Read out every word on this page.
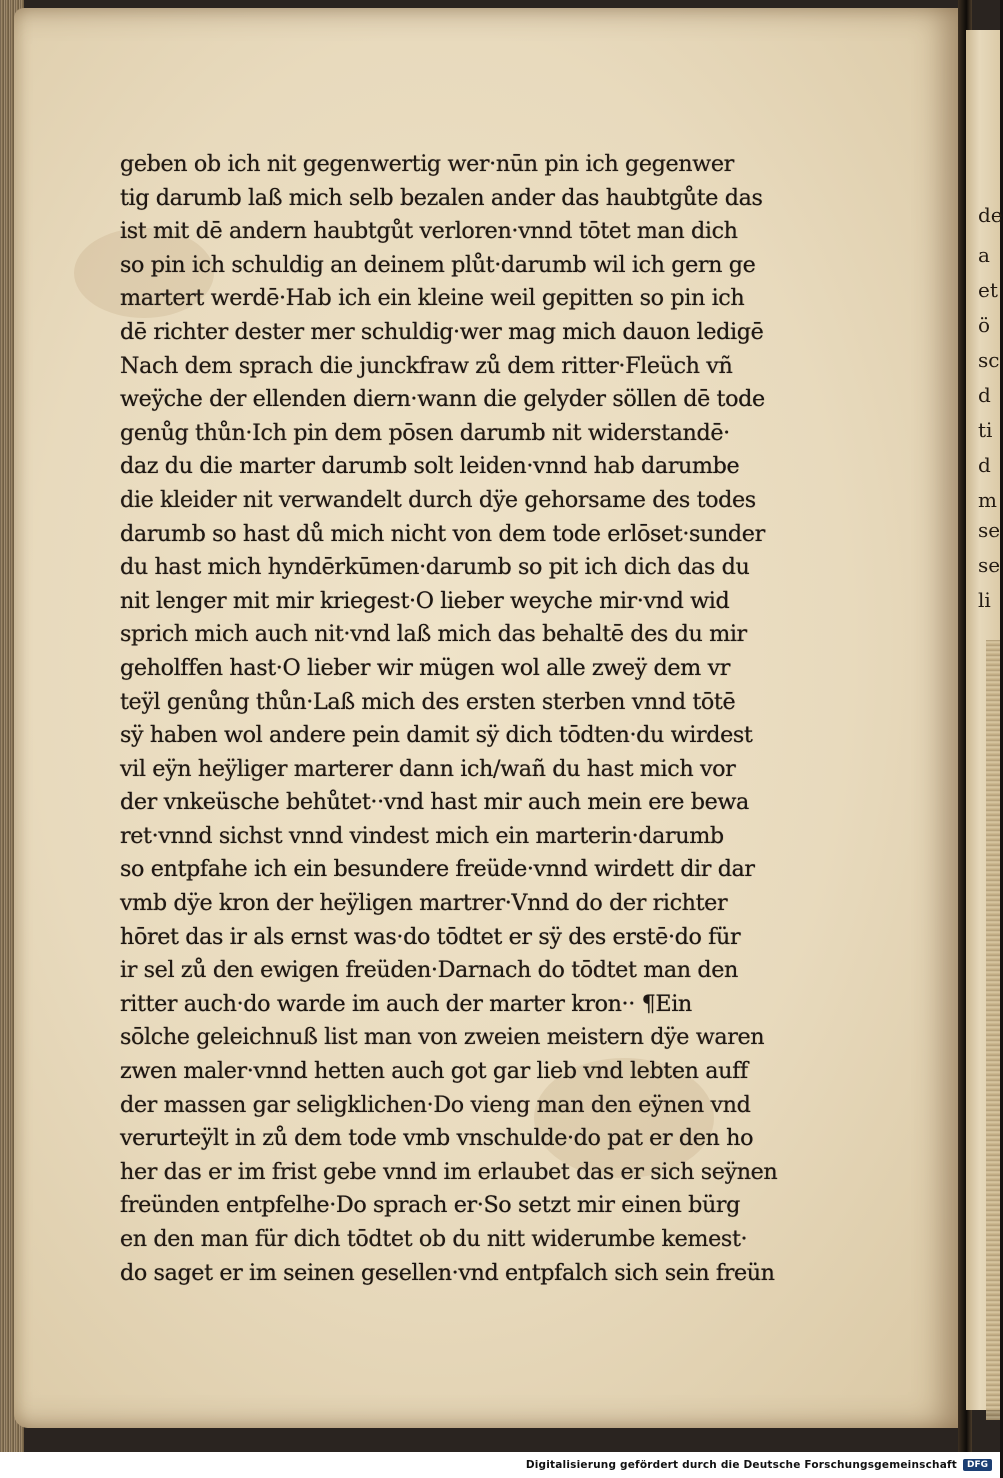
de
a
et
ö
sc
d
ti
d
m
se
se
li
geben ob ich nit gegenwertig wer·nūn pin ich gegenwer
tig darumb laß mich selb bezalen ander das haubtgůte das
ist mit dē andern haubtgůt verloren·vnnd tōtet man dich
so pin ich schuldig an deinem plůt·darumb wil ich gern ge
martert werdē·Hab ich ein kleine weil gepitten so pin ich
dē richter dester mer schuldig·wer mag mich dauon ledigē
Nach dem sprach die junckfraw zů dem ritter·Fleüch vñ
weÿche der ellenden diern·wann die gelyder söllen dē tode
genůg thůn·Ich pin dem pōsen darumb nit widerstandē·
daz du die marter darumb solt leiden·vnnd hab darumbe
die kleider nit verwandelt durch dÿe gehorsame des todes
darumb so hast dů mich nicht von dem tode erlōset·sunder
du hast mich hyndērkūmen·darumb so pit ich dich das du
nit lenger mit mir kriegest·O lieber weyche mir·vnd wid
sprich mich auch nit·vnd laß mich das behaltē des du mir
geholffen hast·O lieber wir mügen wol alle zweÿ dem vr
teÿl genůng thůn·Laß mich des ersten sterben vnnd tōtē
sÿ haben wol andere pein damit sÿ dich tōdten·du wirdest
vil eÿn heÿliger marterer dann ich/wañ du hast mich vor
der vnkeüsche behůtet··vnd hast mir auch mein ere bewa
ret·vnnd sichst vnnd vindest mich ein marterin·darumb
so entpfahe ich ein besundere freüde·vnnd wirdett dir dar
vmb dÿe kron der heÿligen martrer·Vnnd do der richter
hōret das ir als ernst was·do tōdtet er sÿ des erstē·do für
ir sel zů den ewigen freüden·Darnach do tōdtet man den
ritter auch·do warde im auch der marter kron·· ¶Ein
sōlche geleichnuß list man von zweien meistern dÿe waren
zwen maler·vnnd hetten auch got gar lieb vnd lebten auff
der massen gar seligklichen·Do vieng man den eÿnen vnd
verurteÿlt in zů dem tode vmb vnschulde·do pat er den ho
her das er im frist gebe vnnd im erlaubet das er sich seÿnen
freünden entpfelhe·Do sprach er·So setzt mir einen bürg
en den man für dich tōdtet ob du nitt widerumbe kemest·
do saget er im seinen gesellen·vnd entpfalch sich sein freün
Digitalisierung gefördert durch die Deutsche Forschungsgemeinschaft	DFG
